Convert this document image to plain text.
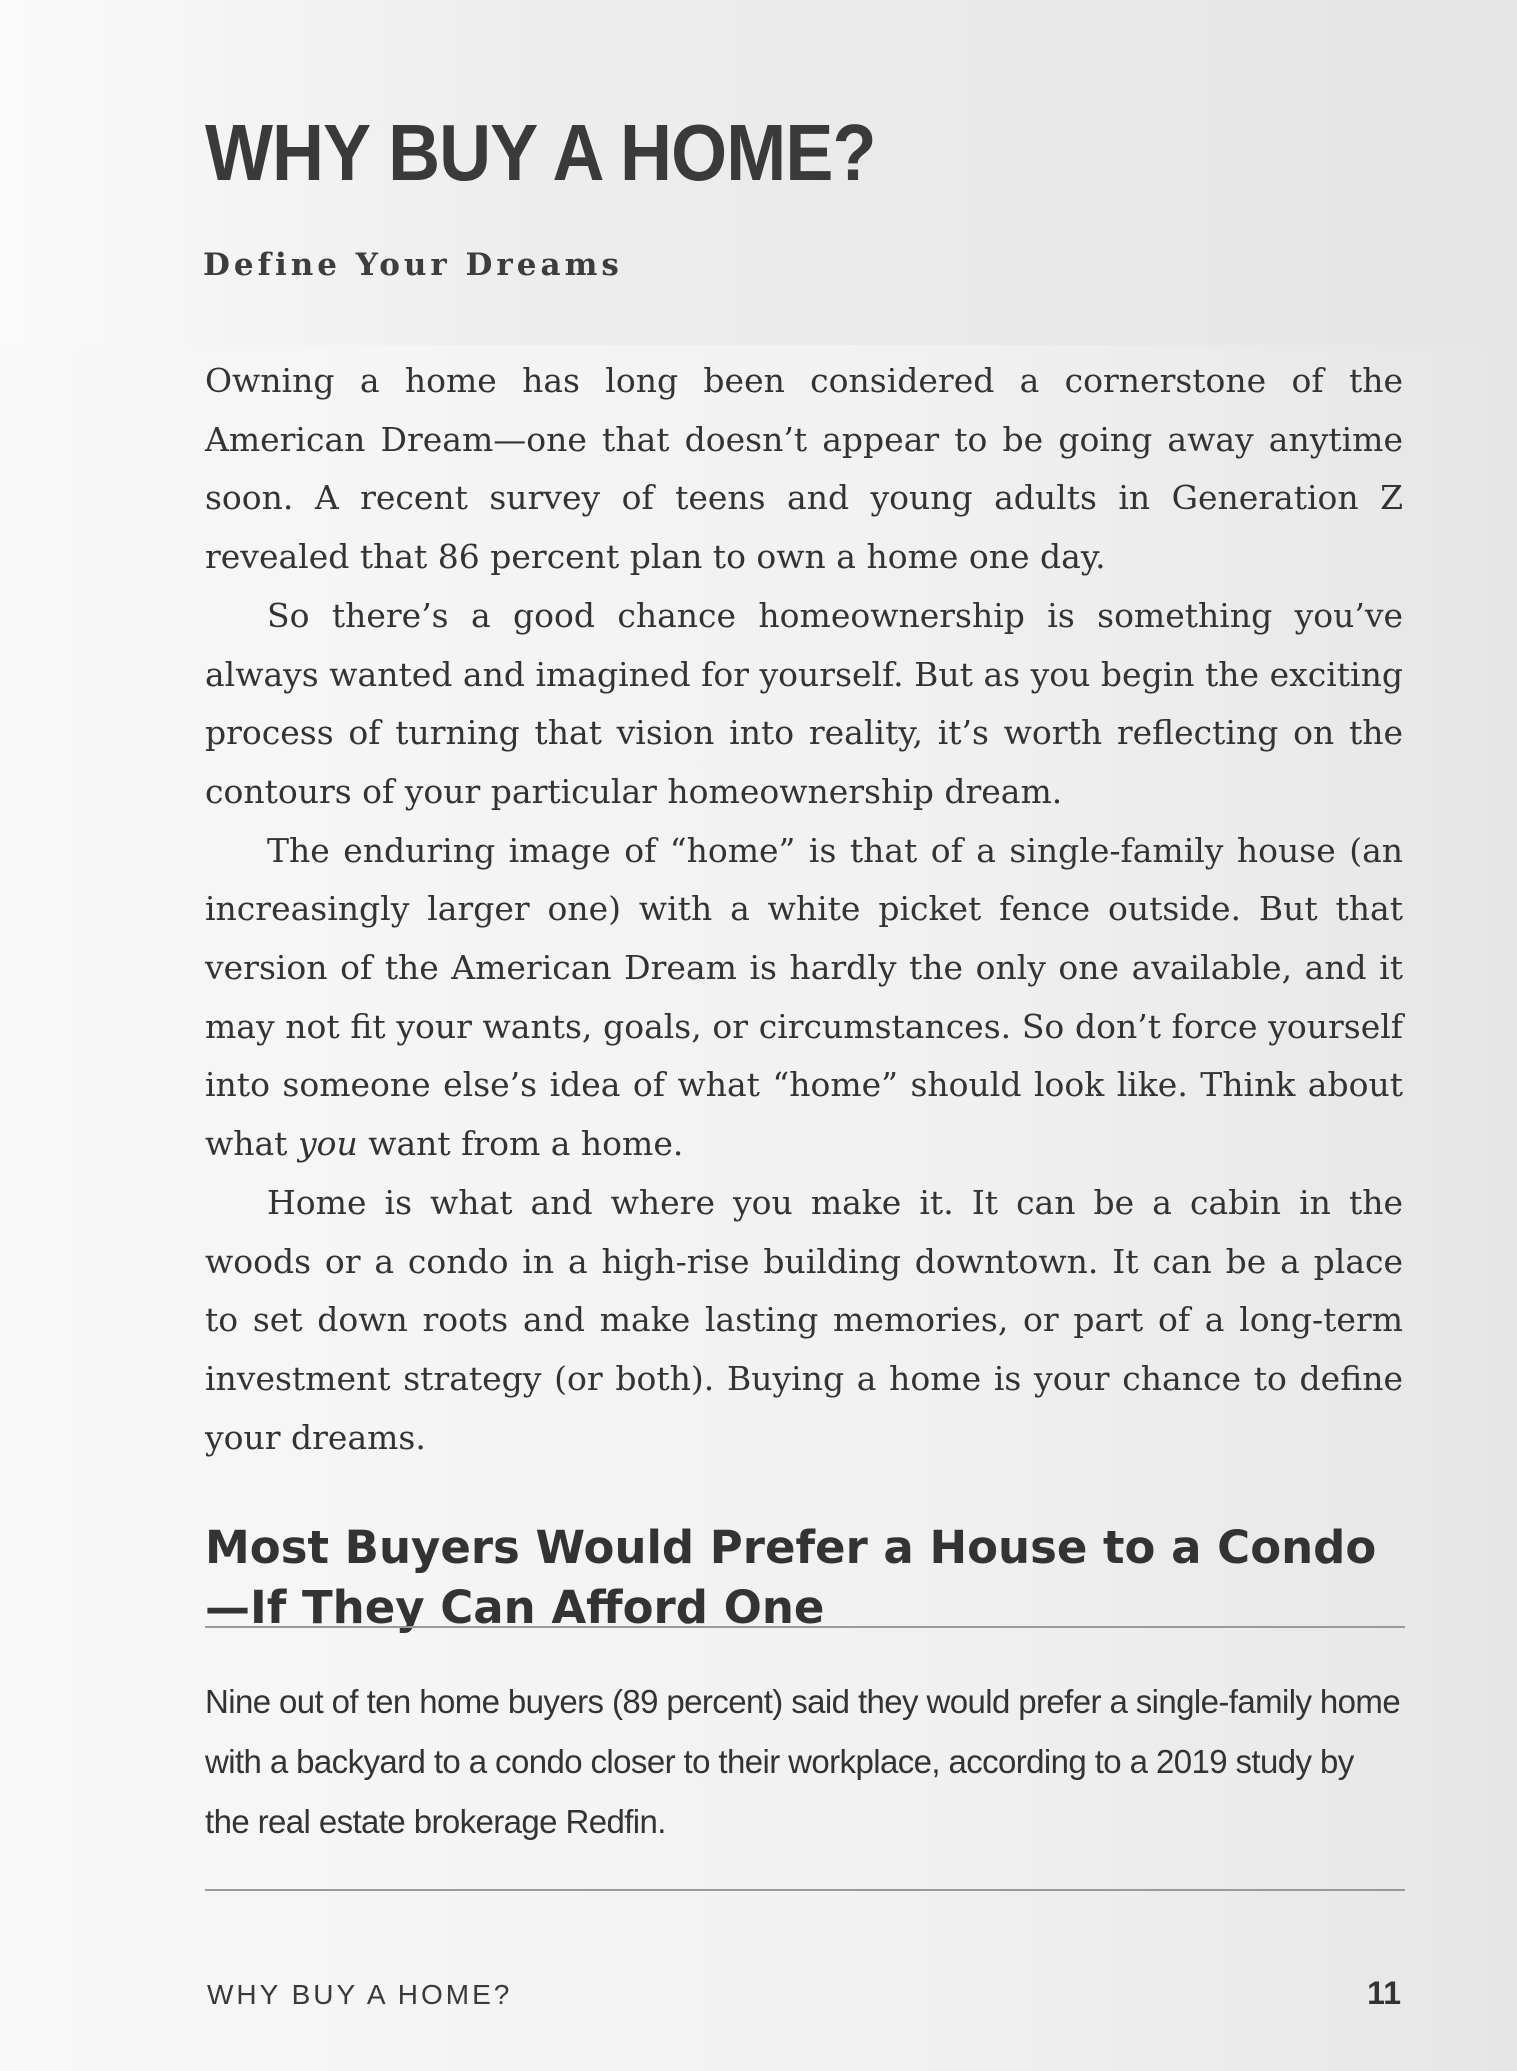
WHY BUY A HOME?
Define Your Dreams

Owning a home has long been considered a cornerstone of the American Dream—one that doesn’t appear to be going away anytime soon. A recent survey of teens and young adults in Generation Z revealed that 86 percent plan to own a home one day.

So there’s a good chance homeownership is something you’ve always wanted and imagined for yourself. But as you begin the exciting process of turning that vision into reality, it’s worth reflecting on the contours of your particular homeownership dream.

The enduring image of “home” is that of a single-family house (an increasingly larger one) with a white picket fence outside. But that version of the American Dream is hardly the only one available, and it may not fit your wants, goals, or circumstances. So don’t force yourself into someone else’s idea of what “home” should look like. Think about what you want from a home.

Home is what and where you make it. It can be a cabin in the woods or a condo in a high-rise building downtown. It can be a place to set down roots and make lasting memories, or part of a long-term investment strategy (or both). Buying a home is your chance to define your dreams.

Most Buyers Would Prefer a House to a Condo—If They Can Afford One

Nine out of ten home buyers (89 percent) said they would prefer a single-family home with a backyard to a condo closer to their workplace, according to a 2019 study by the real estate brokerage Redfin.

WHY BUY A HOME?	11
